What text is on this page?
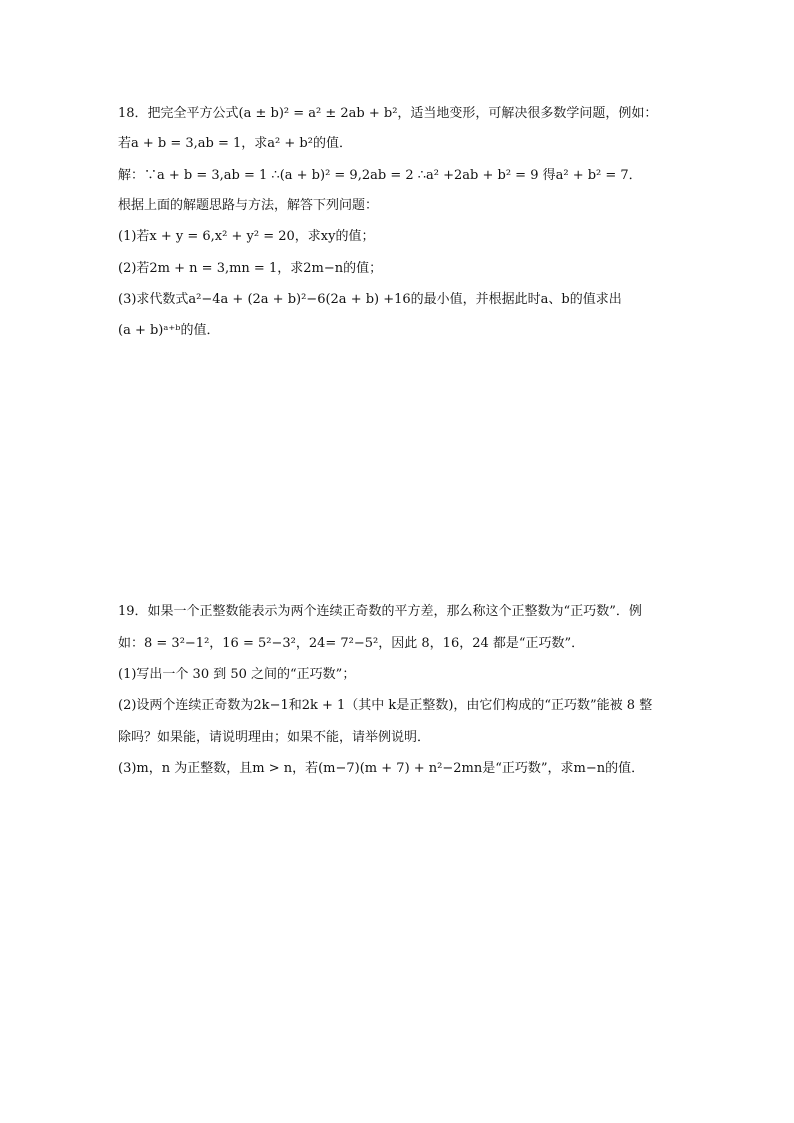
18．把完全平方公式(a ± b)² = a² ± 2ab + b²，适当地变形，可解决很多数学问题，例如：
若a + b = 3,ab = 1，求a² + b²的值．
解：∵a + b = 3,ab = 1 ∴(a + b)² = 9,2ab = 2 ∴a² +2ab + b² = 9 得a² + b² = 7．
根据上面的解题思路与方法，解答下列问题：
(1)若x + y = 6,x² + y² = 20，求xy的值；
(2)若2m + n = 3,mn = 1，求2m−n的值；
(3)求代数式a²−4a + (2a + b)²−6(2a + b) +16的最小值，并根据此时a、b的值求出
(a + b)ᵃ⁺ᵇ的值．
19．如果一个正整数能表示为两个连续正奇数的平方差，那么称这个正整数为“正巧数”．例
如：8 = 3²−1²，16 = 5²−3²，24= 7²−5²，因此 8，16，24 都是“正巧数”．
(1)写出一个 30 到 50 之间的“正巧数”；
(2)设两个连续正奇数为2k−1和2k + 1（其中 k是正整数)，由它们构成的“正巧数”能被 8 整
除吗？如果能，请说明理由；如果不能，请举例说明．
(3)m，n 为正整数，且m > n，若(m−7)(m + 7) + n²−2mn是“正巧数”，求m−n的值．
